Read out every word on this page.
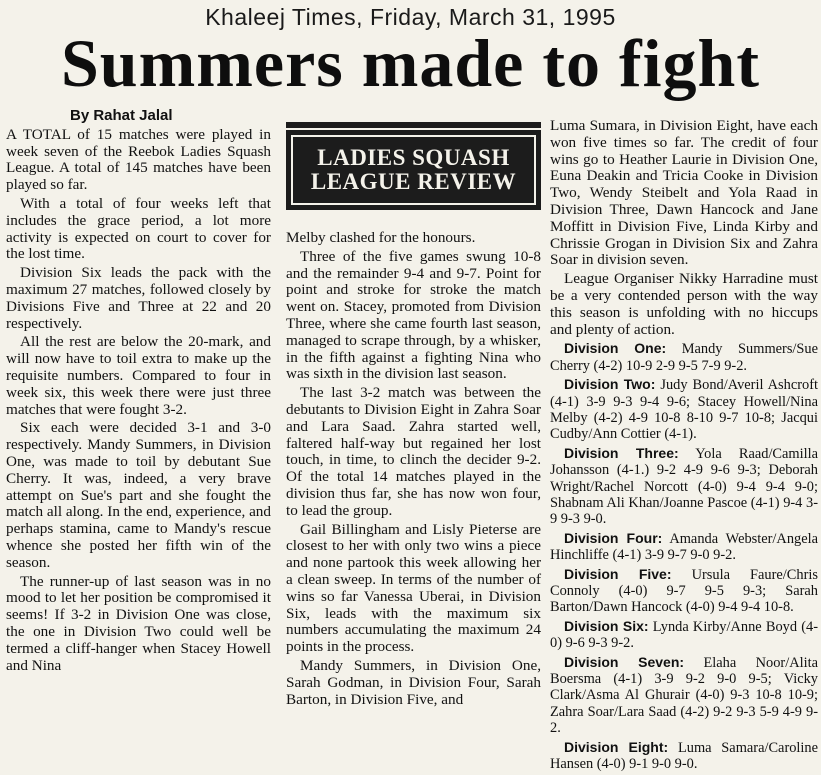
Khaleej Times, Friday, March 31, 1995
Summers made to fight
By Rahat Jalal

A TOTAL of 15 matches were played in week seven of the Reebok Ladies Squash League. A total of 145 matches have been played so far.

With a total of four weeks left that includes the grace period, a lot more activity is expected on court to cover for the lost time.

Division Six leads the pack with the maximum 27 matches, followed closely by Divisions Five and Three at 22 and 20 respectively.

All the rest are below the 20-mark, and will now have to toil extra to make up the requisite numbers. Compared to four in week six, this week there were just three matches that were fought 3-2.

Six each were decided 3-1 and 3-0 respectively. Mandy Summers, in Division One, was made to toil by debutant Sue Cherry. It was, indeed, a very brave attempt on Sue's part and she fought the match all along. In the end, experience, and perhaps stamina, came to Mandy's rescue whence she posted her fifth win of the season.

The runner-up of last season was in no mood to let her position be compromised it seems! If 3-2 in Division One was close, the one in Division Two could well be termed a cliff-hanger when Stacey Howell and Nina

LADIES SQUASH
LEAGUE REVIEW

Melby clashed for the honours.

Three of the five games swung 10-8 and the remainder 9-4 and 9-7. Point for point and stroke for stroke the match went on. Stacey, promoted from Division Three, where she came fourth last season, managed to scrape through, by a whisker, in the fifth against a fighting Nina who was sixth in the division last season.

The last 3-2 match was between the debutants to Division Eight in Zahra Soar and Lara Saad. Zahra started well, faltered half-way but regained her lost touch, in time, to clinch the decider 9-2. Of the total 14 matches played in the division thus far, she has now won four, to lead the group.

Gail Billingham and Lisly Pieterse are closest to her with only two wins a piece and none partook this week allowing her a clean sweep. In terms of the number of wins so far Vanessa Uberai, in Division Six, leads with the maximum six numbers accumulating the maximum 24 points in the process.

Mandy Summers, in Division One, Sarah Godman, in Division Four, Sarah Barton, in Division Five, and

Luma Sumara, in Division Eight, have each won five times so far. The credit of four wins go to Heather Laurie in Division One, Euna Deakin and Tricia Cooke in Division Two, Wendy Steibelt and Yola Raad in Division Three, Dawn Hancock and Jane Moffitt in Division Five, Linda Kirby and Chrissie Grogan in Division Six and Zahra Soar in division seven.

League Organiser Nikky Harradine must be a very contended person with the way this season is unfolding with no hiccups and plenty of action.

Division One: Mandy Summers/Sue Cherry (4-2) 10-9 2-9 9-5 7-9 9-2.

Division Two: Judy Bond/Averil Ashcroft (4-1) 3-9 9-3 9-4 9-6; Stacey Howell/Nina Melby (4-2) 4-9 10-8 8-10 9-7 10-8; Jacqui Cudby/Ann Cottier (4-1).

Division Three: Yola Raad/Camilla Johansson (4-1.) 9-2 4-9 9-6 9-3; Deborah Wright/Rachel Norcott (4-0) 9-4 9-4 9-0; Shabnam Ali Khan/Joanne Pascoe (4-1) 9-4 3-9 9-3 9-0.

Division Four: Amanda Webster/Angela Hinchliffe (4-1) 3-9 9-7 9-0 9-2.

Division Five: Ursula Faure/Chris Connoly (4-0) 9-7 9-5 9-3; Sarah Barton/Dawn Hancock (4-0) 9-4 9-4 10-8.

Division Six: Lynda Kirby/Anne Boyd (4-0) 9-6 9-3 9-2.

Division Seven: Elaha Noor/Alita Boersma (4-1) 3-9 9-2 9-0 9-5; Vicky Clark/Asma Al Ghurair (4-0) 9-3 10-8 10-9; Zahra Soar/Lara Saad (4-2) 9-2 9-3 5-9 4-9 9-2.

Division Eight: Luma Samara/Caroline Hansen (4-0) 9-1 9-0 9-0.
